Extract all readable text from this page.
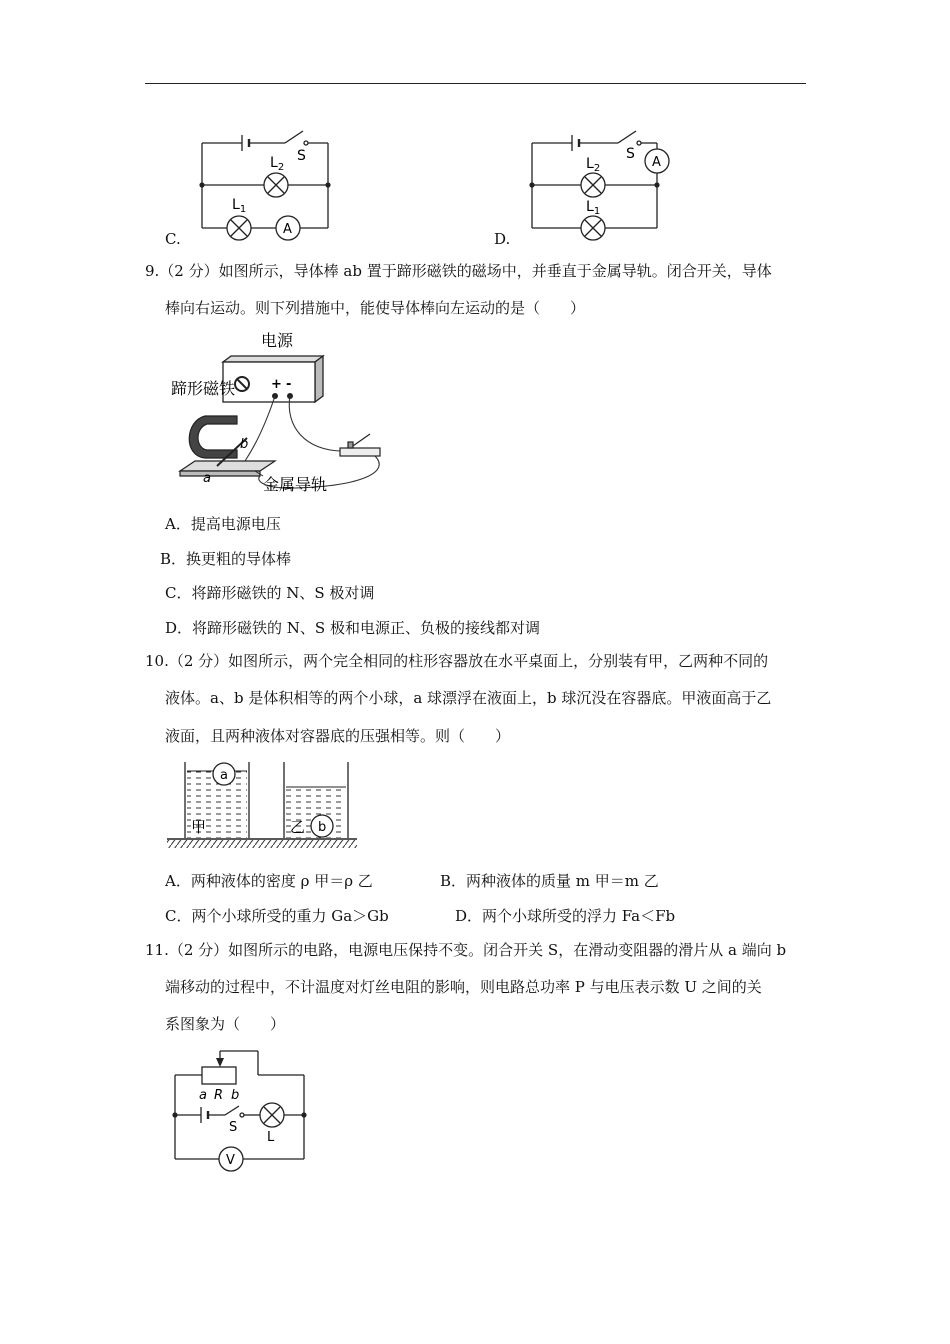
S
$L_2$
$L_1$
A
C.
S
A
$L_2$
$L_1$
D.
9.（2 分）如图所示，导体棒 ab 置于蹄形磁铁的磁场中，并垂直于金属导轨。闭合开关，导体
棒向右运动。则下列措施中，能使导体棒向左运动的是（　　）
电源
+ -
蹄形磁铁
b
a	金属导轨
A．提高电源电压
B．换更粗的导体棒
C．将蹄形磁铁的 N、S 极对调
D．将蹄形磁铁的 N、S 极和电源正、负极的接线都对调
10.（2 分）如图所示，两个完全相同的柱形容器放在水平桌面上，分别装有甲，乙两种不同的
液体。a、b 是体积相等的两个小球，a 球漂浮在液面上，b 球沉没在容器底。甲液面高于乙
液面，且两种液体对容器底的压强相等。则（　　）
a
甲	b
乙
A．两种液体的密度 ρ 甲＝ρ 乙	B．两种液体的质量 m 甲＝m 乙
C．两个小球所受的重力 Ga＞Gb	D．两个小球所受的浮力 Fa＜Fb
11.（2 分）如图所示的电路，电源电压保持不变。闭合开关 S，在滑动变阻器的滑片从 a 端向 b
端移动的过程中，不计温度对灯丝电阻的影响，则电路总功率 P 与电压表示数 U 之间的关
系图象为（　　）
a R b
S
L
V
